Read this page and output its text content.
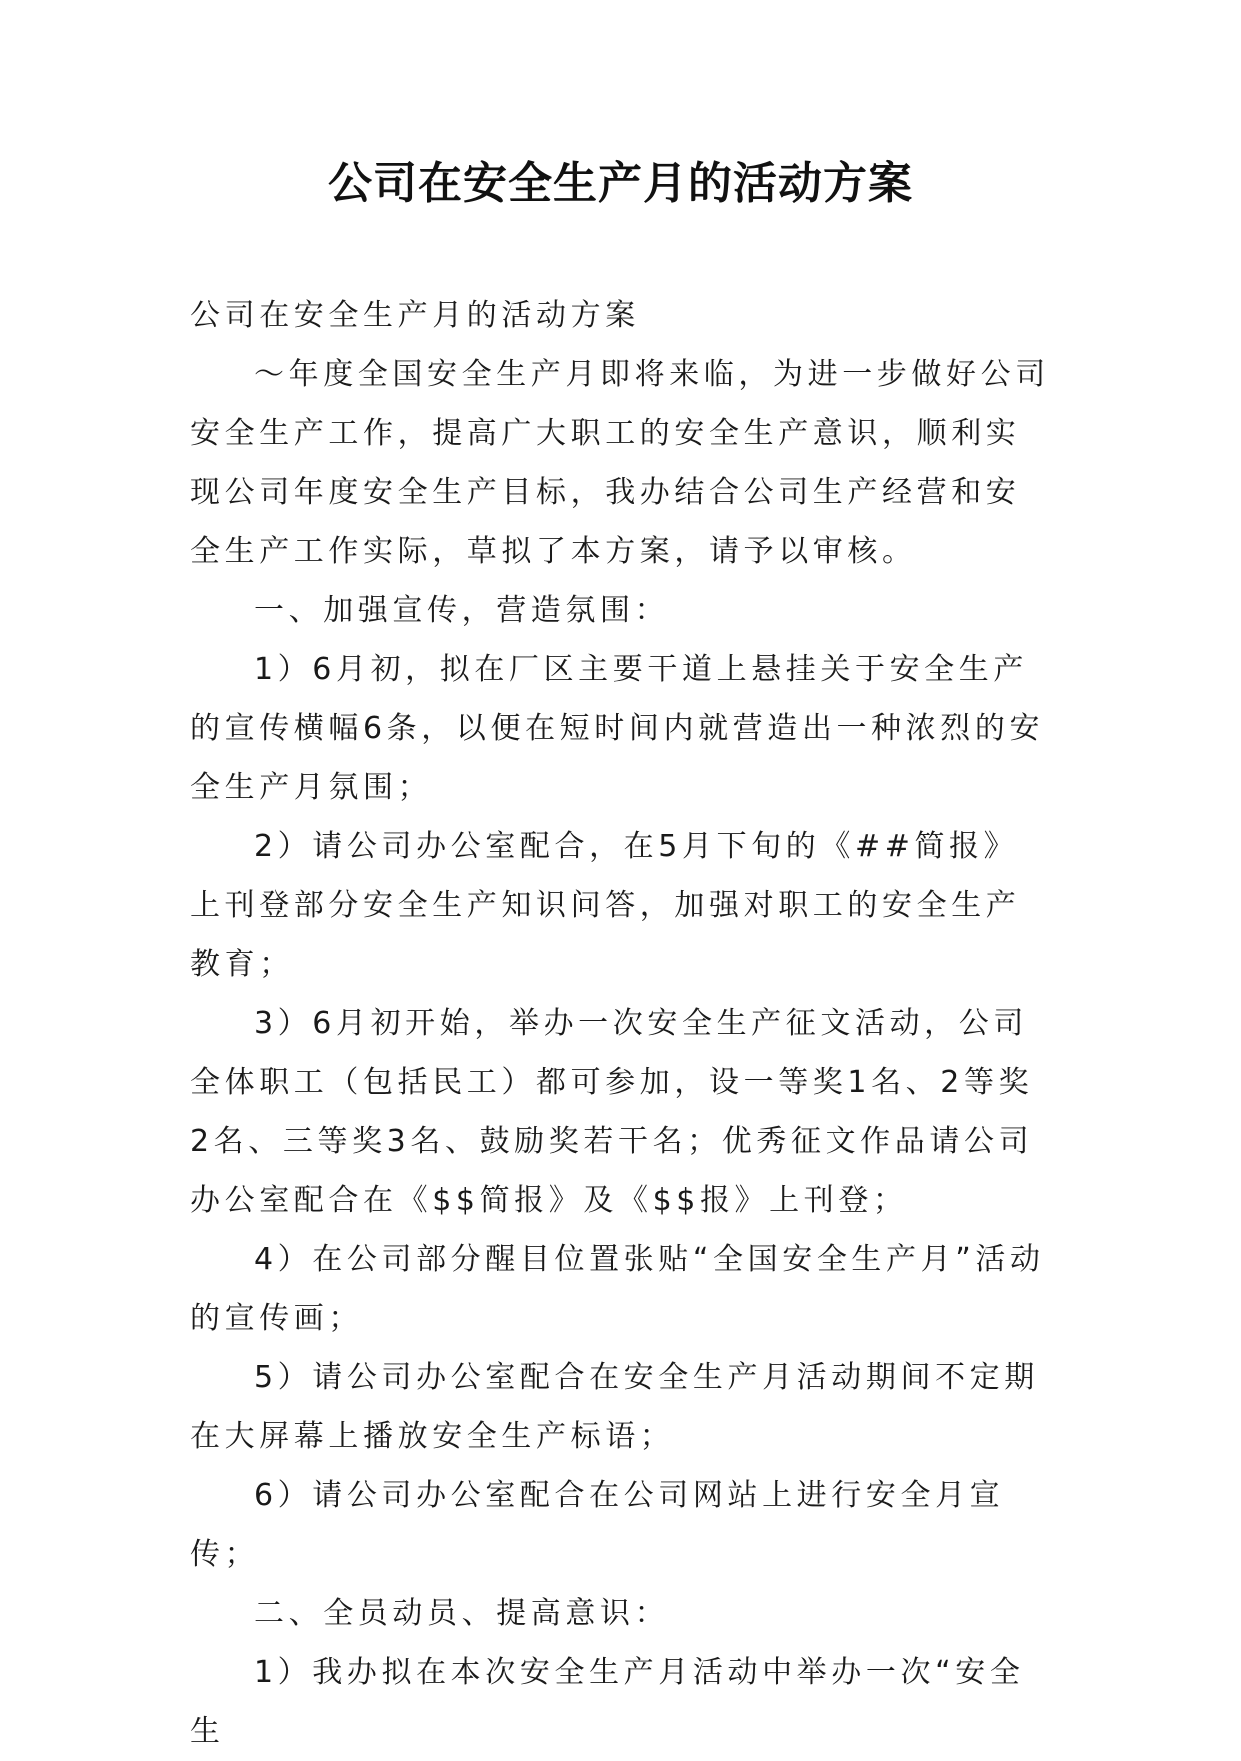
公司在安全生产月的活动方案

公司在安全生产月的活动方案

～年度全国安全生产月即将来临，为进一步做好公司安全生产工作，提高广大职工的安全生产意识，顺利实现公司年度安全生产目标，我办结合公司生产经营和安全生产工作实际，草拟了本方案，请予以审核。

一、加强宣传，营造氛围：

1）6月初，拟在厂区主要干道上悬挂关于安全生产的宣传横幅6条，以便在短时间内就营造出一种浓烈的安全生产月氛围；

2）请公司办公室配合，在5月下旬的《##简报》上刊登部分安全生产知识问答，加强对职工的安全生产教育；

3）6月初开始，举办一次安全生产征文活动，公司全体职工（包括民工）都可参加，设一等奖1名、2等奖2名、三等奖3名、鼓励奖若干名；优秀征文作品请公司办公室配合在《$$简报》及《$$报》上刊登；

4）在公司部分醒目位置张贴“全国安全生产月”活动的宣传画；

5）请公司办公室配合在安全生产月活动期间不定期在大屏幕上播放安全生产标语；

6）请公司办公室配合在公司网站上进行安全月宣传；

二、全员动员、提高意识：

1）我办拟在本次安全生产月活动中举办一次“安全生
